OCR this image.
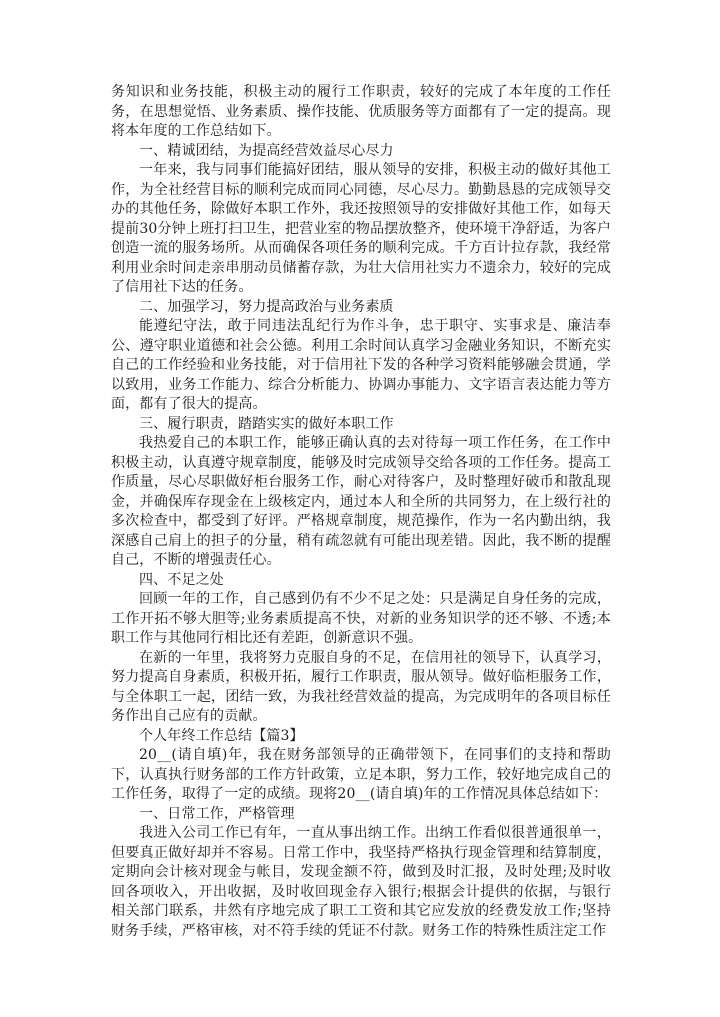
务知识和业务技能，积极主动的履行工作职责，较好的完成了本年度的工作任务，在思想觉悟、业务素质、操作技能、优质服务等方面都有了一定的提高。现将本年度的工作总结如下。

一、精诚团结，为提高经营效益尽心尽力

一年来，我与同事们能搞好团结，服从领导的安排，积极主动的做好其他工作，为全社经营目标的顺利完成而同心同德，尽心尽力。勤勤恳恳的完成领导交办的其他任务，除做好本职工作外，我还按照领导的安排做好其他工作，如每天提前30分钟上班打扫卫生，把营业室的物品摆放整齐，使环境干净舒适，为客户创造一流的服务场所。从而确保各项任务的顺利完成。千方百计拉存款，我经常利用业余时间走亲串朋动员储蓄存款，为壮大信用社实力不遗余力，较好的完成了信用社下达的任务。

二、加强学习，努力提高政治与业务素质

能遵纪守法，敢于同违法乱纪行为作斗争，忠于职守、实事求是、廉洁奉公、遵守职业道德和社会公德。利用工余时间认真学习金融业务知识，不断充实自己的工作经验和业务技能，对于信用社下发的各种学习资料能够融会贯通，学以致用，业务工作能力、综合分析能力、协调办事能力、文字语言表达能力等方面，都有了很大的提高。

三、履行职责，踏踏实实的做好本职工作

我热爱自己的本职工作，能够正确认真的去对待每一项工作任务，在工作中积极主动，认真遵守规章制度，能够及时完成领导交给各项的工作任务。提高工作质量，尽心尽职做好柜台服务工作，耐心对待客户，及时整理好破币和散乱现金，并确保库存现金在上级核定内，通过本人和全所的共同努力，在上级行社的多次检查中，都受到了好评。严格规章制度，规范操作，作为一名内勤出纳，我深感自己肩上的担子的分量，稍有疏忽就有可能出现差错。因此，我不断的提醒自己，不断的增强责任心。

四、不足之处

回顾一年的工作，自己感到仍有不少不足之处：只是满足自身任务的完成，工作开拓不够大胆等;业务素质提高不快，对新的业务知识学的还不够、不透;本职工作与其他同行相比还有差距，创新意识不强。

在新的一年里，我将努力克服自身的不足，在信用社的领导下，认真学习，努力提高自身素质，积极开拓，履行工作职责，服从领导。做好临柜服务工作，与全体职工一起，团结一致，为我社经营效益的提高，为完成明年的各项目标任务作出自己应有的贡献。

个人年终工作总结【篇3】

20__(请自填)年，我在财务部领导的正确带领下，在同事们的支持和帮助下，认真执行财务部的工作方针政策，立足本职，努力工作，较好地完成自己的工作任务，取得了一定的成绩。现将20__(请自填)年的工作情况具体总结如下：

一、日常工作，严格管理

我进入公司工作已有年，一直从事出纳工作。出纳工作看似很普通很单一，但要真正做好却并不容易。日常工作中，我坚持严格执行现金管理和结算制度，定期向会计核对现金与帐目，发现金额不符，做到及时汇报，及时处理;及时收回各项收入，开出收据，及时收回现金存入银行;根据会计提供的依据，与银行相关部门联系，井然有序地完成了职工工资和其它应发放的经费发放工作;坚持财务手续，严格审核，对不符手续的凭证不付款。财务工作的特殊性质注定工作
